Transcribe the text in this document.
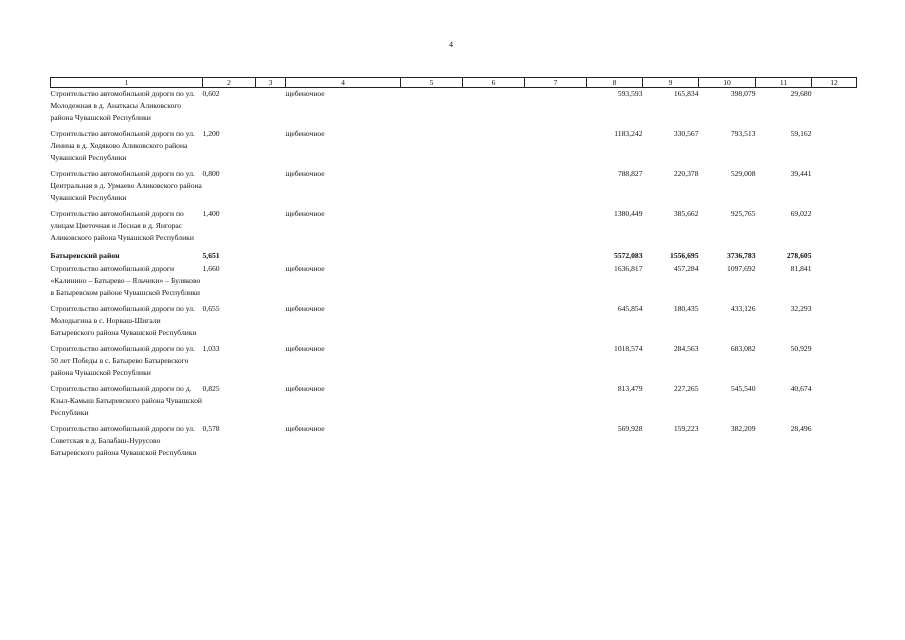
4
1	2	3	4	5	6	7	8	9	10	11	12
Строительство автомобильной дороги по ул. Молодежная в д. Анаткасы Аликовского района Чувашской Республики	0,602		щебеночное				593,593	165,834	398,079	29,680	
Строительство автомобильной дороги по ул. Ленина в д. Ходяково Аликовского района Чувашской Республики	1,200		щебеночное				1183,242	330,567	793,513	59,162	
Строительство автомобильной дороги по ул. Центральная в д. Урмаево Аликовского района Чувашской Республики	0,800		щебеночное				788,827	220,378	529,008	39,441	
Строительство автомобильной дороги по улицам Цветочная и Лесная в д. Янгорас Аликовского района Чувашской Республики	1,400		щебеночное				1380,449	385,662	925,765	69,022	
Батыревский район	5,651						5572,083	1556,695	3736,783	278,605	
Строительство автомобильной дороги «Калинино – Батырево – Яльчики» – Буляково в Батыревском районе Чувашской Республики	1,660		щебеночное				1636,817	457,284	1097,692	81,841	
Строительство автомобильной дороги по ул. Молодыгина в с. Норваш-Шигали Батыревского района Чувашской Республики	0,655		щебеночное				645,854	180,435	433,126	32,293	
Строительство автомобильной дороги по ул. 50 лет Победы в с. Батырево Батыревского района Чувашской Республики	1,033		щебеночное				1018,574	284,563	683,082	50,929	
Строительство автомобильной дороги по д. Кзыл-Камыш Батыревского района Чувашской Республики	0,825		щебеночное				813,479	227,265	545,540	40,674	
Строительство автомобильной дороги по ул. Советская в д. Балабаш-Нурусово Батыревского района Чувашской Республики	0,578		щебеночное				569,928	159,223	382,209	28,496	
